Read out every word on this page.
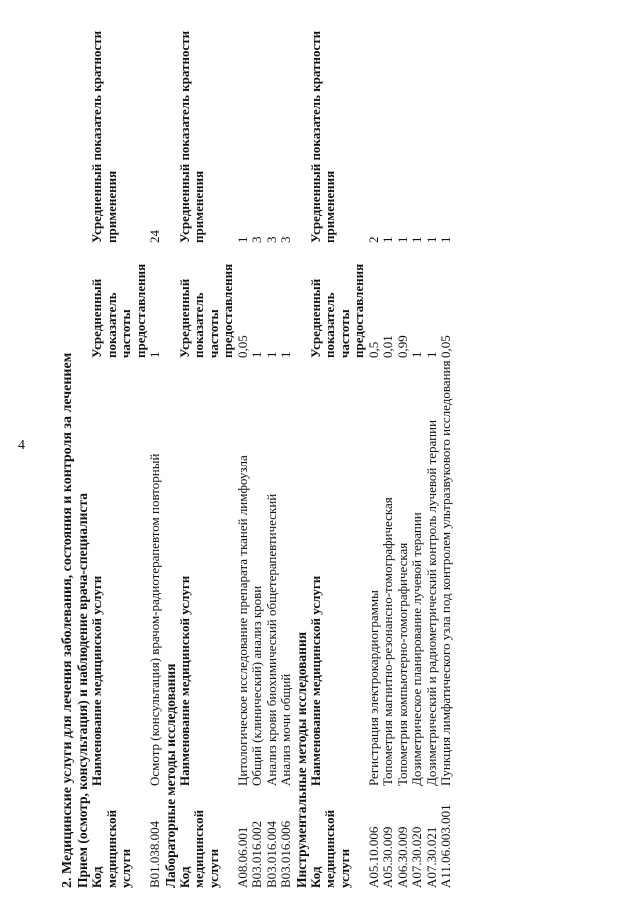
4	2. Медицинские услуги для лечения заболевания, состояния и контроля за лечением Прием (осмотр, консультация) и наблюдение врача-специалиста Код медицинской услуги	Наименование медицинской услуги	Усредненный показатель частоты предоставления	Усредненный показатель кратности применения
B01.038.004	Осмотр (консультация) врачом-радиотерапевтом повторный	1	24

Лабораторные методы исследования Код медицинской услуги	Наименование медицинской услуги	Усредненный показатель частоты предоставления	Усредненный показатель кратности применения
A08.06.001	Цитологическое исследование препарата тканей лимфоузла	0,05	1
B03.016.002	Общий (клинический) анализ крови	1	3
B03.016.004	Анализ крови биохимический общетерапевтический	1	3
B03.016.006	Анализ мочи общий	1	3

Инструментальные методы исследования Код медицинской услуги	Наименование медицинской услуги	Усредненный показатель частоты предоставления	Усредненный показатель кратности применения
A05.10.006	Регистрация электрокардиограммы	0,5	2
A05.30.009	Топометрия магнитно-резонансно-томографическая	0,01	1
A06.30.009	Топометрия компьютерно-томографическая	0,99	1
A07.30.020	Дозиметрическое планирование лучевой терапии	1	1
A07.30.021	Дозиметрический и радиометрический контроль лучевой терапии	1	1
A11.06.003.001	Пункция лимфатического узла под контролем ультразвукового исследования	0,05	1
